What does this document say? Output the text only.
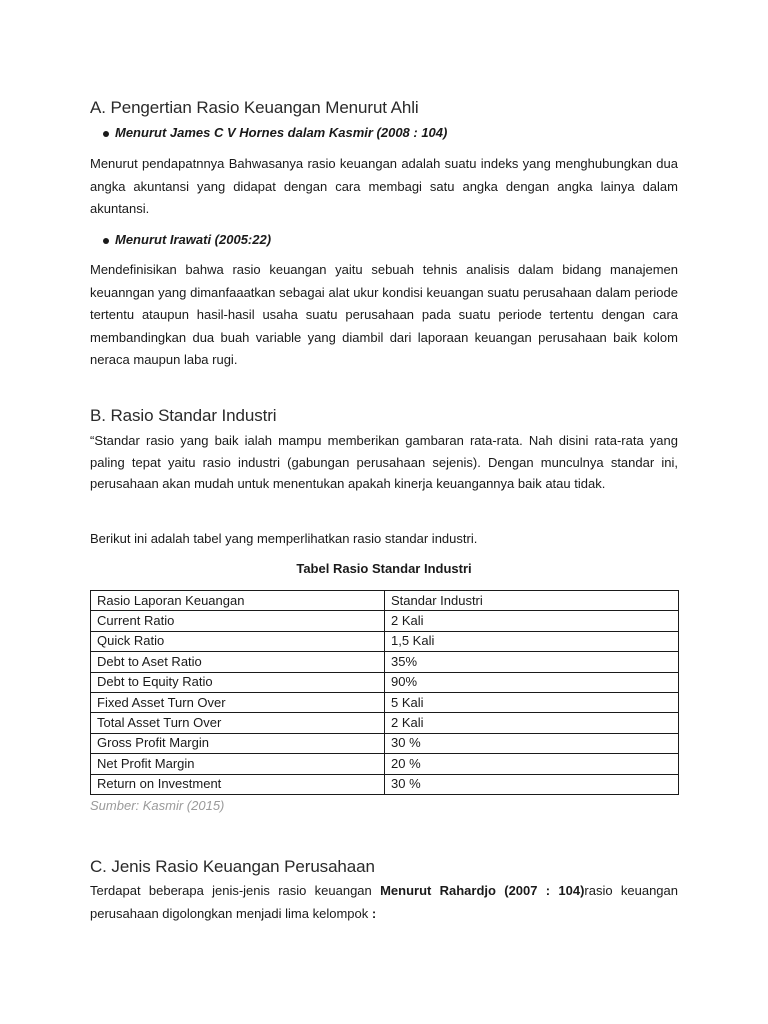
A. Pengertian Rasio Keuangan Menurut Ahli
Menurut James C V Hornes dalam Kasmir (2008 : 104)

Menurut pendapatnnya Bahwasanya rasio keuangan adalah suatu indeks yang menghubungkan dua angka akuntansi yang didapat dengan cara membagi satu angka dengan angka lainya dalam akuntansi.

Menurut Irawati (2005:22)

Mendefinisikan bahwa rasio keuangan yaitu sebuah tehnis analisis dalam bidang manajemen keuanngan yang dimanfaaatkan sebagai alat ukur kondisi keuangan suatu perusahaan dalam periode tertentu ataupun hasil-hasil usaha suatu perusahaan pada suatu periode tertentu dengan cara membandingkan dua buah variable yang diambil dari laporaan keuangan perusahaan baik kolom neraca maupun laba rugi.

B. Rasio Standar Industri

“Standar rasio yang baik ialah mampu memberikan gambaran rata-rata. Nah disini rata-rata yang paling tepat yaitu rasio industri (gabungan perusahaan sejenis). Dengan munculnya standar ini, perusahaan akan mudah untuk menentukan apakah kinerja keuangannya baik atau tidak.

Berikut ini adalah tabel yang memperlihatkan rasio standar industri.

Tabel Rasio Standar Industri
Rasio Laporan Keuangan	Standar Industri
Current Ratio	2 Kali
Quick Ratio	1,5 Kali
Debt to Aset Ratio	35%
Debt to Equity Ratio	90%
Fixed Asset Turn Over	5 Kali
Total Asset Turn Over	2 Kali
Gross Profit Margin	30 %
Net Profit Margin	20 %
Return on Investment	30 %
Sumber: Kasmir (2015)
C. Jenis Rasio Keuangan Perusahaan

Terdapat beberapa jenis-jenis rasio keuangan Menurut Rahardjo (2007 : 104)rasio keuangan perusahaan digolongkan menjadi lima kelompok :
